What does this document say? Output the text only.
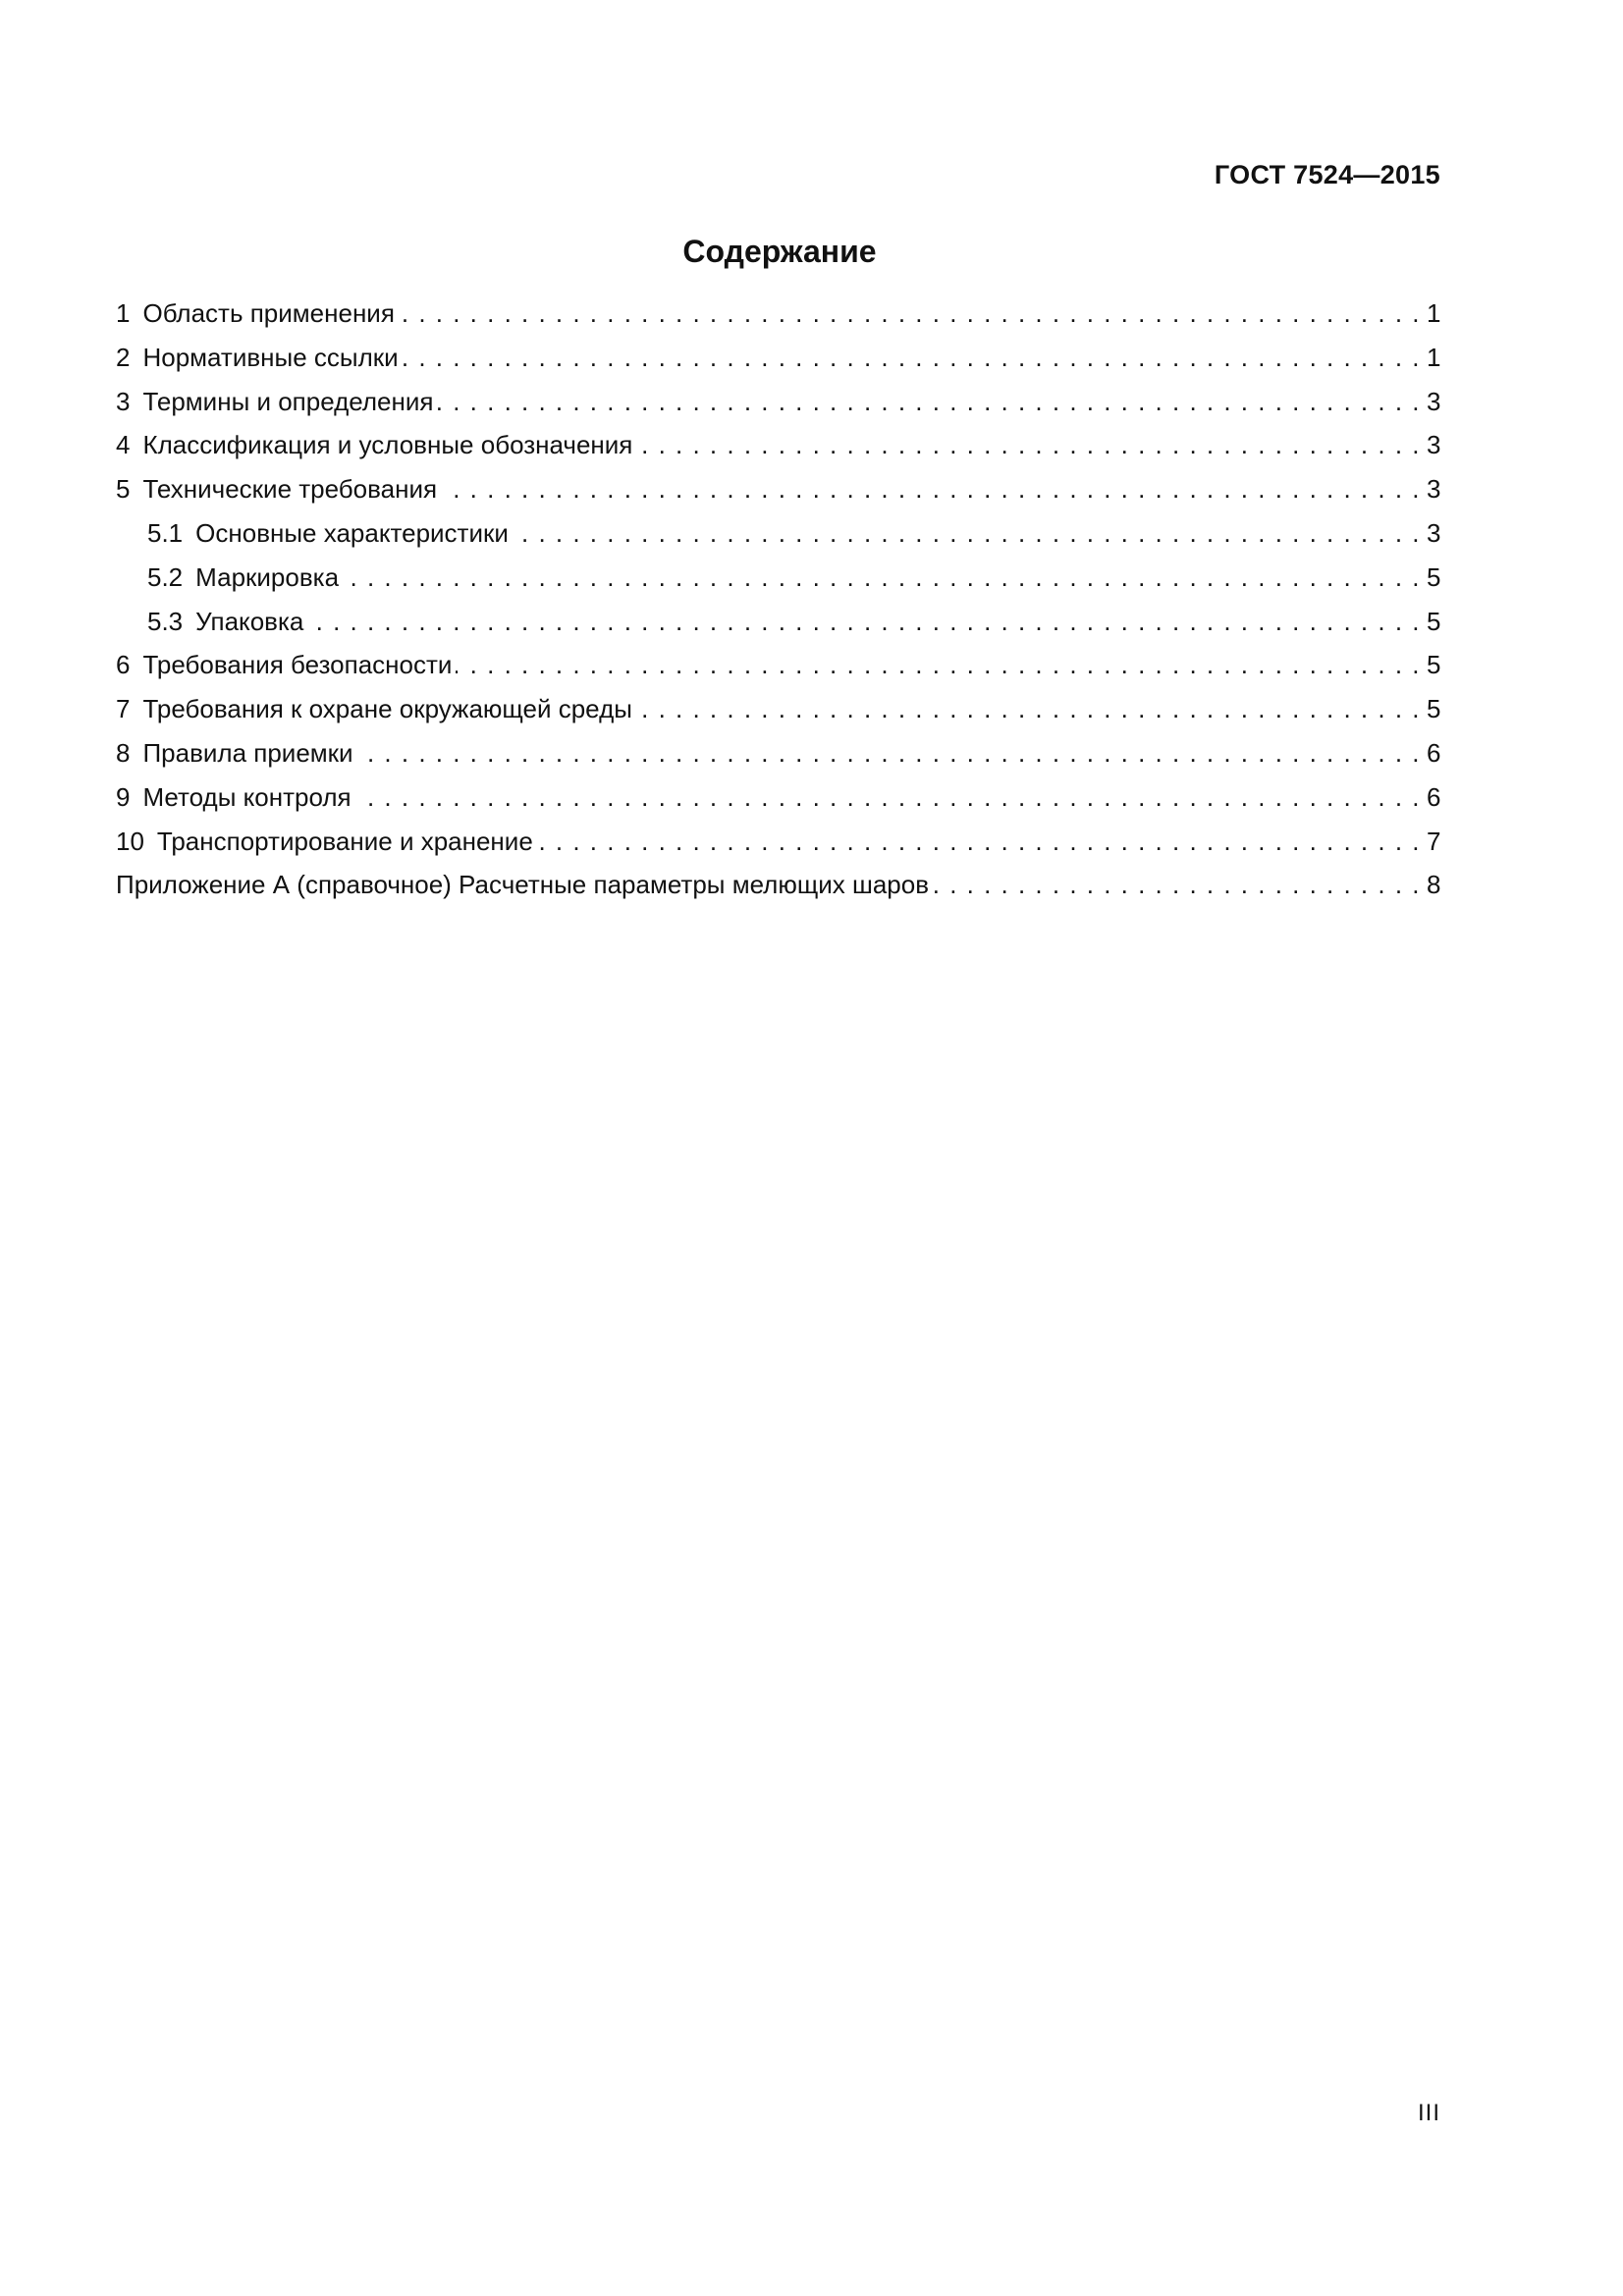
ГОСТ 7524—2015
Содержание
1 Область применения . . .	1
2 Нормативные ссылки . . .	1
3 Термины и определения . . .	3
4 Классификация и условные обозначения . . .	3
5 Технические требования . . .	3
5.1 Основные характеристики . . .	3
5.2 Маркировка . . .	5
5.3 Упаковка . . .	5
6 Требования безопасности . . .	5
7 Требования к охране окружающей среды . . .	5
8 Правила приемки . . .	6
9 Методы контроля . . .	6
10 Транспортирование и хранение . . .	7
Приложение А (справочное) Расчетные параметры мелющих шаров . . .	8
III
